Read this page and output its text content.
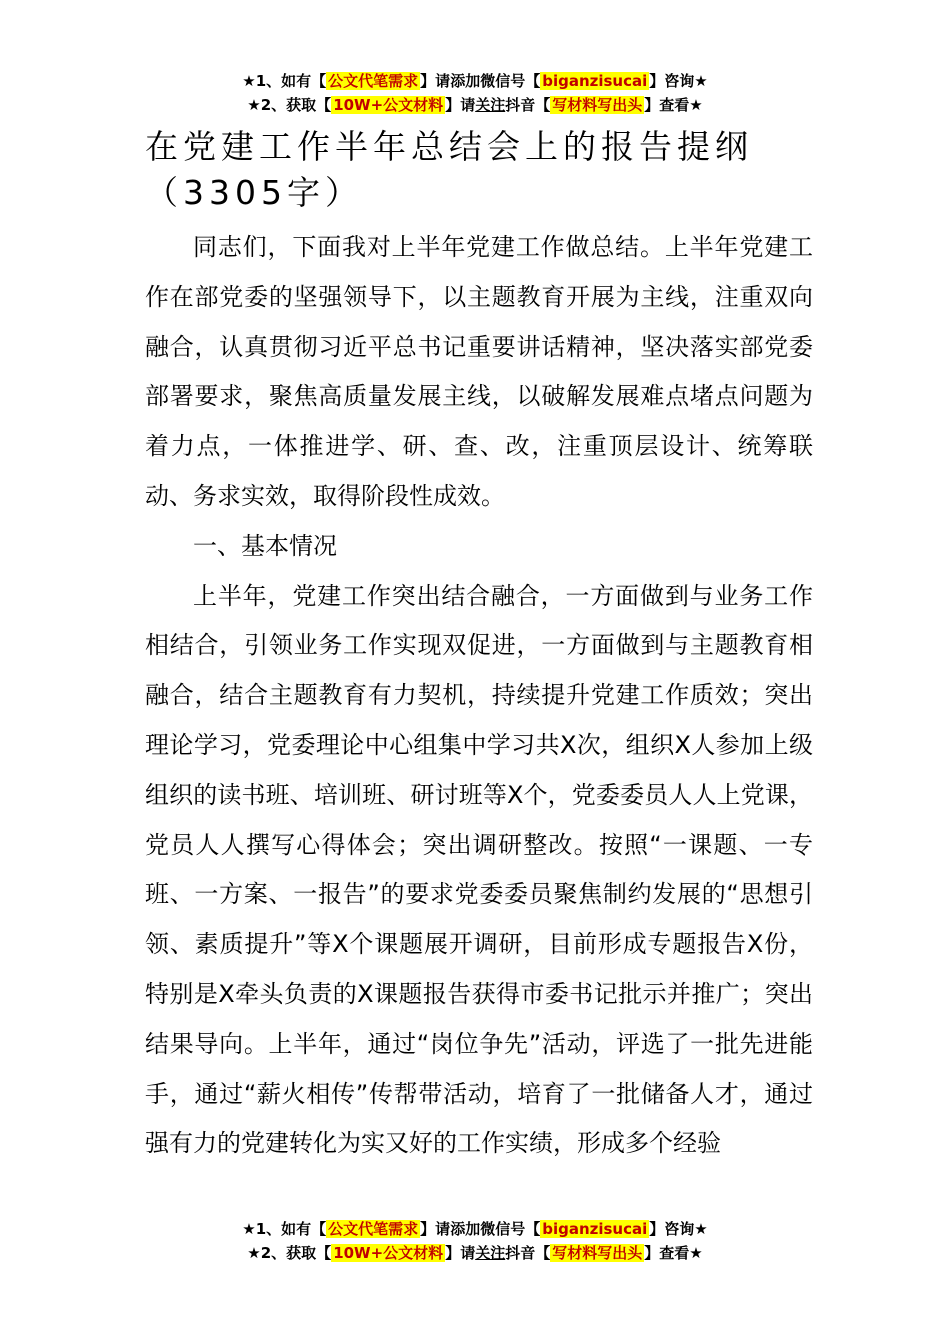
★1、如有【 公文代笔需求 】请添加微信号【 biganzisucai 】咨询★
★2、获取【 10W+公文材料 】请关注抖音【 写材料写出头 】查看★
在党建工作半年总结会上的报告提纲（3305字）

同志们，下面我对上半年党建工作做总结。上半年党建工作在部党委的坚强领导下，以主题教育开展为主线，注重双向融合，认真贯彻习近平总书记重要讲话精神，坚决落实部党委部署要求，聚焦高质量发展主线，以破解发展难点堵点问题为着力点，一体推进学、研、查、改，注重顶层设计、统筹联动、务求实效，取得阶段性成效。

一、基本情况

上半年，党建工作突出结合融合，一方面做到与业务工作相结合，引领业务工作实现双促进，一方面做到与主题教育相融合，结合主题教育有力契机，持续提升党建工作质效；突出理论学习，党委理论中心组集中学习共X次，组织X人参加上级组织的读书班、培训班、研讨班等X个，党委委员人人上党课，党员人人撰写心得体会；突出调研整改。按照“一课题、一专班、一方案、一报告”的要求党委委员聚焦制约发展的“思想引领、素质提升”等X个课题展开调研，目前形成专题报告X份，特别是X牵头负责的X课题报告获得市委书记批示并推广；突出结果导向。上半年，通过“岗位争先”活动，评选了一批先进能手，通过“薪火相传”传帮带活动，培育了一批储备人才，通过强有力的党建转化为实又好的工作实绩，形成多个经验

★1、如有【 公文代笔需求 】请添加微信号【 biganzisucai 】咨询★
★2、获取【 10W+公文材料 】请关注抖音【 写材料写出头 】查看★
